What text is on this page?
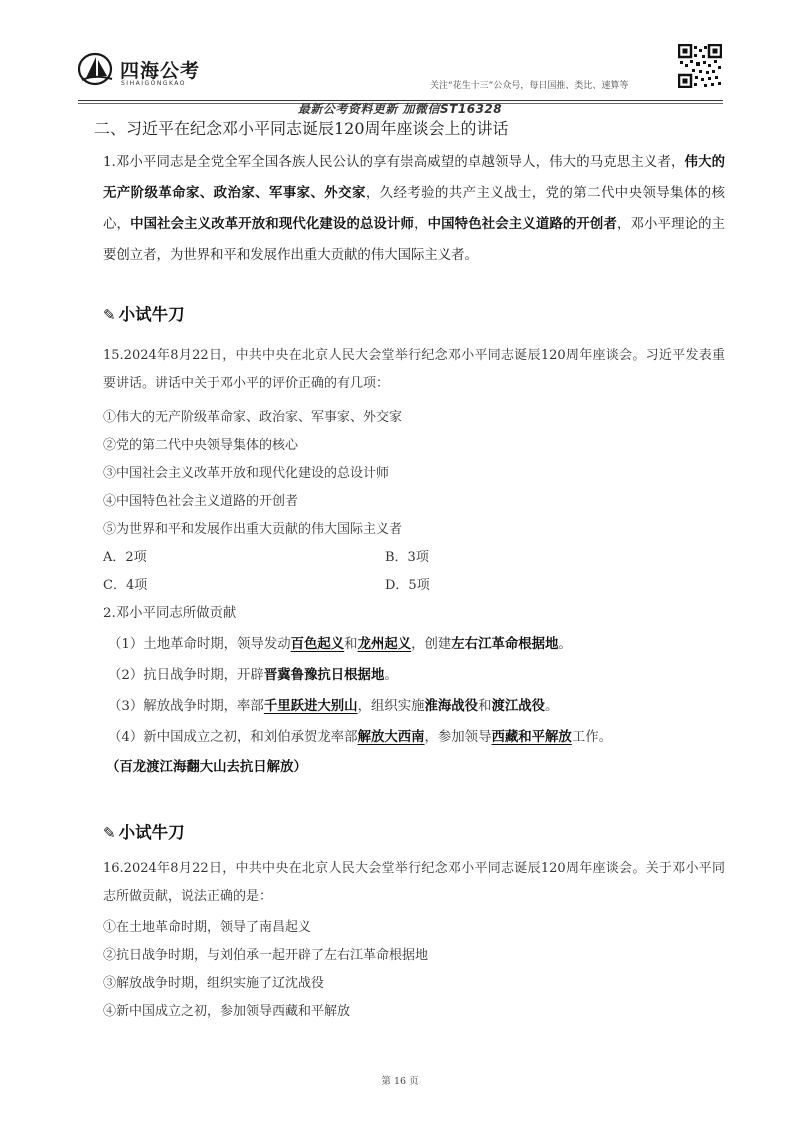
四海公考
SIHAIGONGKAO	关注“花生十三”公众号，每日国推、类比、速算等
最新公考资料更新 加微信ST16328
二、习近平在纪念邓小平同志诞辰120周年座谈会上的讲话
1.邓小平同志是全党全军全国各族人民公认的享有崇高威望的卓越领导人，伟大的马克思主义者，伟大的无产阶级革命家、政治家、军事家、外交家，久经考验的共产主义战士，党的第二代中央领导集体的核心，中国社会主义改革开放和现代化建设的总设计师，中国特色社会主义道路的开创者，邓小平理论的主要创立者，为世界和平和发展作出重大贡献的伟大国际主义者。
✎ 小试牛刀
15.2024年8月22日，中共中央在北京人民大会堂举行纪念邓小平同志诞辰120周年座谈会。习近平发表重要讲话。讲话中关于邓小平的评价正确的有几项：
①伟大的无产阶级革命家、政治家、军事家、外交家
②党的第二代中央领导集体的核心
③中国社会主义改革开放和现代化建设的总设计师
④中国特色社会主义道路的开创者
⑤为世界和平和发展作出重大贡献的伟大国际主义者
A．2项	B．3项
C．4项	D．5项
2.邓小平同志所做贡献
（1）土地革命时期，领导发动百色起义和龙州起义，创建左右江革命根据地。
（2）抗日战争时期，开辟晋冀鲁豫抗日根据地。
（3）解放战争时期，率部千里跃进大别山，组织实施淮海战役和渡江战役。
（4）新中国成立之初，和刘伯承贺龙率部解放大西南，参加领导西藏和平解放工作。
（百龙渡江海翻大山去抗日解放）
✎ 小试牛刀
16.2024年8月22日，中共中央在北京人民大会堂举行纪念邓小平同志诞辰120周年座谈会。关于邓小平同志所做贡献，说法正确的是：
①在土地革命时期，领导了南昌起义
②抗日战争时期，与刘伯承一起开辟了左右江革命根据地
③解放战争时期，组织实施了辽沈战役
④新中国成立之初，参加领导西藏和平解放
第 16 页
